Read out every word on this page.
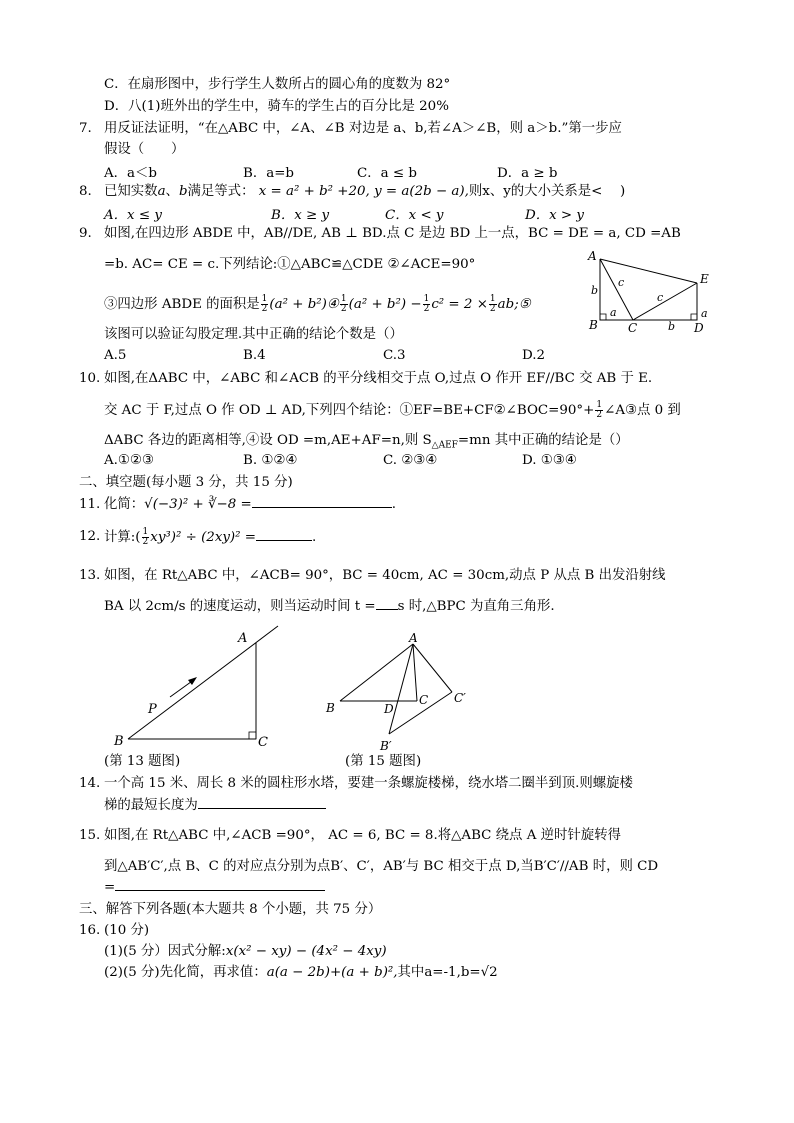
C．在扇形图中，步行学生人数所占的圆心角的度数为 82°
D．八(1)班外出的学生中，骑车的学生占的百分比是 20%
7. 用反证法证明，“在△ABC 中，∠A、∠B 对边是 a、b,若∠A＞∠B，则 a＞b.”第一步应
假设（　　）
A．a＜b	B．a=b	C．a ≤ b	D．a ≥ b
8. 已知实数a、b满足等式： x = a² + b² +20, y = a(2b − a),则x、y的大小关系是<　 )
A．x ≤ y	B．x ≥ y	C．x < y	D．x > y
9. 如图,在四边形 ABDE 中，AB//DE, AB ⊥ BD.点 C 是边 BD 上一点，BC = DE = a, CD =AB
=b. AC= CE = c.下列结论:①△ABC≌△CDE ②∠ACE=90°
③四边形 ABDE 的面积是 $\frac{1}{2} (a^2$ + b²)④ $\frac{1}{2} (a^2 + b^2) - \frac{1}{2} c^2 = 2 \times \frac{1}{2}$ ab;⑤
该图可以验证勾股定理.其中正确的结论个数是（）
A.5	B.4	C.3	D.2
A
B	C	D
E
b
a
c
c
b
a
10. 如图,在ΔABC 中，∠ABC 和∠ACB 的平分线相交于点 O,过点 O 作开 EF//BC 交 AB 于 E.
交 AC 于 F,过点 O 作 OD ⊥ AD,下列四个结论：①EF=BE+CF②∠BOC=90°+ $\frac{1}{2}$ ∠A③点 0 到
ΔABC 各边的距离相等,④设 OD =m,AE+AF=n,则 $S_{\triangle AEF}=mn$ 其中正确的结论是（）
A.①②③	B. ①②④	C. ②③④	D. ①③④
二、填空题(每小题 3 分，共 15 分)
11. 化简：√(−3)² + ∛−8 =	.
12. 计算:( $\frac{1}{2} xy^3)^2 \div (2xy)^2$ =	.
13. 如图，在 Rt△ABC 中，∠ACB= 90°，BC = 40cm, AC = 30cm,动点 P 从点 B 出发沿射线
BA 以 2cm/s 的速度运动，则当运动时间 t = s 时,△BPC 为直角三角形.
A
B	C
P
(第 13 题图)
A
B
C
D
B′
C′
(第 15 题图)
14. 一个高 15 米、周长 8 米的圆柱形水塔，要建一条螺旋楼梯，绕水塔二圈半到顶.则螺旋楼
梯的最短长度为
15. 如图,在 Rt△ABC 中,∠ACB =90°， AC = 6, BC = 8.将△ABC 绕点 A 逆时针旋转得
到△AB′C′,点 B、C 的对应点分别为点B′、C′，AB′与 BC 相交于点 D,当B′C′//AB 时，则 CD
=
三、解答下列各题(本大题共 8 个小题，共 75 分）
16. (10 分)
(1)(5 分）因式分解:x(x² − xy) − (4x² − 4xy)
(2)(5 分)先化简，再求值：a(a − 2b)+(a + b)²,其中a=-1,b=√2
